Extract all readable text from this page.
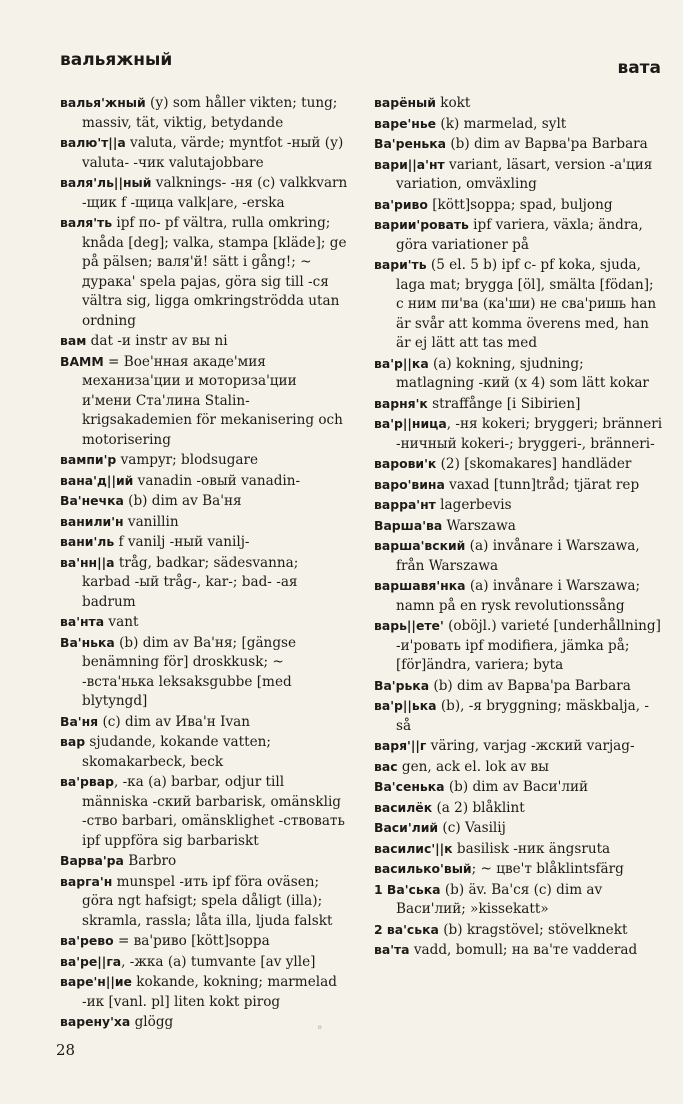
вальяжный	вата

валья'жный (у) som håller vikten; tung; massiv, tät, viktig, betydande

валю'т||а valuta, värde; myntfot -ный (у) valuta- -чик valutajobbare

валя'ль||ный valknings- -ня (с) valkkvarn -щик f -щица valk|are, -erska

валя'ть ipf по- pf vältra, rulla omkring; knåda [deg]; valka, stampa [kläde]; ge på pälsen; валя'й! sätt i gång!; ~ дурака' spela pajas, göra sig till -ся vältra sig, ligga omkringströdda utan ordning

вам dat -и instr av вы ni

ВАММ = Вое'нная акаде'мия механиза'ции и моториза'ции и'мени Ста'лина Stalin-krigsakademien för mekanisering och motorisering

вампи'р vampyr; blodsugare

вана'д||ий vanadin -овый vanadin-

Ва'нечка (b) dim av Ва'ня

ванили'н vanillin

вани'ль f vanilj -ный vanilj-

ва'нн||а tråg, badkar; sädesvanna; karbad -ый tråg-, kar-; bad- -ая badrum

ва'нта vant

Ва'нька (b) dim av Ва'ня; [gängse benämning för] droskkusk; ~ -вста'нька leksaksgubbe [med blytyngd]

Ва'ня (с) dim av Ива'н Ivan

вар sjudande, kokande vatten; skomakarbeck, beck

ва'рвар, -ка (a) barbar, odjur till människa -ский barbarisk, omänsklig -ство barbari, omänsklighet -ствовать ipf uppföra sig barbariskt

Варва'ра Barbro

варга'н munspel -ить ipf föra oväsen; göra ngt hafsigt; spela dåligt (illa); skramla, rassla; låta illa, ljuda falskt

ва'рево = ва'риво [kött]soppa

ва'ре||га, -жка (a) tumvante [av ylle]

варе'н||ие kokande, kokning; marmelad -ик [vanl. pl] liten kokt pirog

варену'ха glögg

варёный kokt

варе'нье (k) marmelad, sylt

Ва'ренька (b) dim av Варва'ра Barbara

вари||а'нт variant, läsart, version -а'ция variation, omväxling

ва'риво [kött]soppa; spad, buljong

варии'ровать ipf variera, växla; ändra, göra variationer på

вари'ть (5 el. 5 b) ipf с- pf koka, sjuda, laga mat; brygga [öl], smälta [födan]; с ним пи'ва (ка'ши) не сва'ришь han är svår att komma överens med, han är ej lätt att tas med

ва'р||ка (a) kokning, sjudning; matlagning -кий (x 4) som lätt kokar

варня'к straffånge [i Sibirien]

ва'р||ница, -ня kokeri; bryggeri; bränneri -ничный kokeri-; bryggeri-, bränneri-

варови'к (2) [skomakares] handläder

варо'вина vaxad [tunn]tråd; tjärat rep

варра'нт lagerbevis

Варша'ва Warszawa

варша'вский (a) invånare i Warszawa, från Warszawa

варшавя'нка (a) invånare i Warszawa; namn på en rysk revolutionssång

варь||ете' (oböjl.) varieté [underhållning] -и'ровать ipf modifiera, jämka på; [för]ändra, variera; byta

Ва'рька (b) dim av Варва'ра Barbara

ва'р||ька (b), -я bryggning; mäskbalja, -så

варя'||г väring, varjag -жский varjag-

вас gen, ack el. lok av вы

Ва'сенька (b) dim av Васи'лий

василёк (a 2) blåklint

Васи'лий (с) Vasilij

василис'||к basilisk -ник ängsruta

василько'вый; ~ цве'т blåklintsfärg

1 Ва'ська (b) äv. Ва'ся (с) dim av Васи'лий; »kissekatt»

2 ва'ська (b) kragstövel; stövelknekt

ва'та vadd, bomull; на ва'те vadderad

°
28
